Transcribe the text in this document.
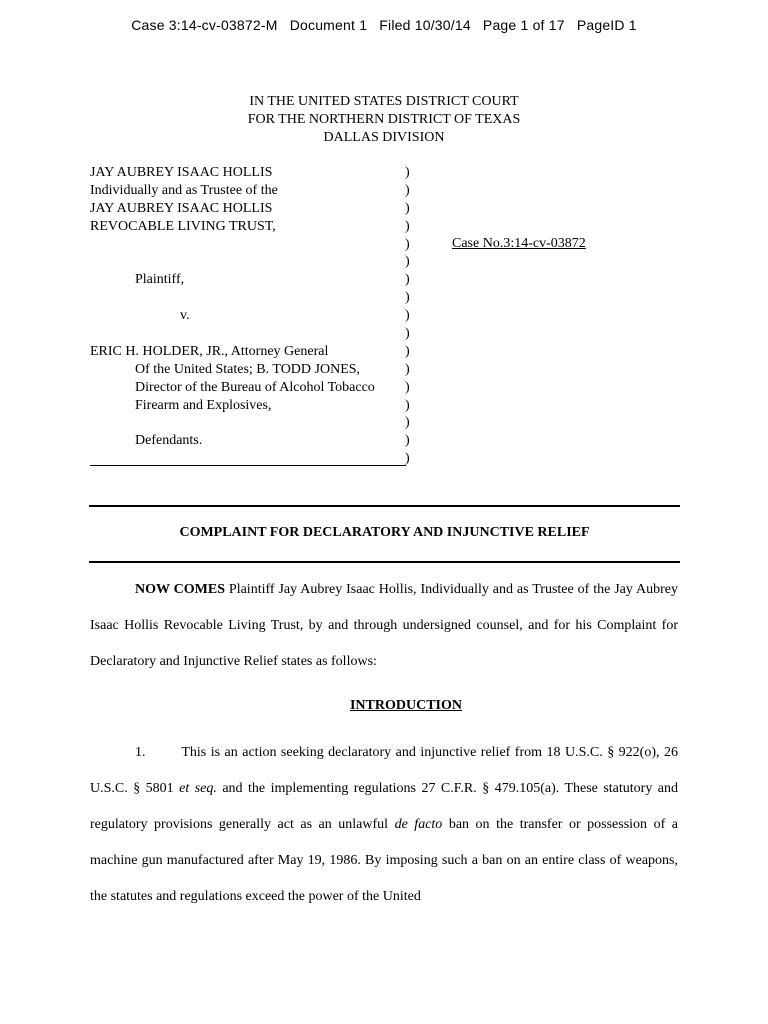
Case 3:14-cv-03872-M Document 1 Filed 10/30/14 Page 1 of 17 PageID 1
IN THE UNITED STATES DISTRICT COURT
FOR THE NORTHERN DISTRICT OF TEXAS
DALLAS DIVISION
JAY AUBREY ISAAC HOLLIS
Individually and as Trustee of the
JAY AUBREY ISAAC HOLLIS
REVOCABLE LIVING TRUST,
Plaintiff,
v.
ERIC H. HOLDER, JR., Attorney General
Of the United States; B. TODD JONES,
Director of the Bureau of Alcohol Tobacco
Firearm and Explosives,
Defendants.
)
)
)
)
)
)
)
)
)
)
)
)
)
)
)
)
)
Case No.3:14-cv-03872
COMPLAINT FOR DECLARATORY AND INJUNCTIVE RELIEF
NOW COMES Plaintiff Jay Aubrey Isaac Hollis, Individually and as Trustee of the Jay Aubrey Isaac Hollis Revocable Living Trust, by and through undersigned counsel, and for his Complaint for Declaratory and Injunctive Relief states as follows:
INTRODUCTION
1.	This is an action seeking declaratory and injunctive relief from 18 U.S.C. § 922(o), 26 U.S.C. § 5801 et seq. and the implementing regulations 27 C.F.R. § 479.105(a). These statutory and regulatory provisions generally act as an unlawful de facto ban on the transfer or possession of a machine gun manufactured after May 19, 1986. By imposing such a ban on an entire class of weapons, the statutes and regulations exceed the power of the United
